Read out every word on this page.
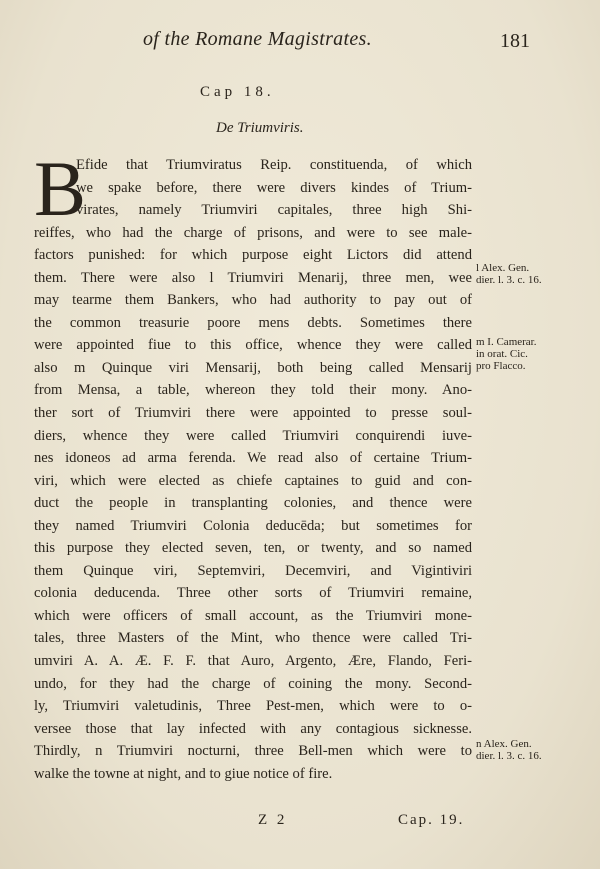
of the Romane Magistrates.	181
Cap 18.
De Triumviris.
B
Efide that Triumviratus Reip. constituenda, of which
we spake before, there were divers kindes of Trium-
virates, namely Triumviri capitales, three high Shi-
reiffes, who had the charge of prisons, and were to see male-
factors punished: for which purpose eight Lictors did attend
them. There were also l Triumviri Menarij, three men, wee
may tearme them Bankers, who had authority to pay out of
the common treasurie poore mens debts. Sometimes there
were appointed fiue to this office, whence they were called
also m Quinque viri Mensarij, both being called Mensarij
from Mensa, a table, whereon they told their mony. Ano-
ther sort of Triumviri there were appointed to presse soul-
diers, whence they were called Triumviri conquirendi iuve-
nes idoneos ad arma ferenda. We read also of certaine Trium-
viri, which were elected as chiefe captaines to guid and con-
duct the people in transplanting colonies, and thence were
they named Triumviri Colonia deducēda; but sometimes for
this purpose they elected seven, ten, or twenty, and so named
them Quinque viri, Septemviri, Decemviri, and Vigintiviri
colonia deducenda. Three other sorts of Triumviri remaine,
which were officers of small account, as the Triumviri mone-
tales, three Masters of the Mint, who thence were called Tri-
umviri A. A. Æ. F. F. that Auro, Argento, Ære, Flando, Feri-
undo, for they had the charge of coining the mony. Second-
ly, Triumviri valetudinis, Three Pest-men, which were to o-
versee those that lay infected with any contagious sicknesse.
Thirdly, n Triumviri nocturni, three Bell-men which were to
walke the towne at night, and to giue notice of fire.
l Alex. Gen.
dier. l. 3. c. 16.
m I. Camerar.
in orat. Cic.
pro Flacco.
n Alex. Gen.
dier. l. 3. c. 16.
Z 2	Cap. 19.
